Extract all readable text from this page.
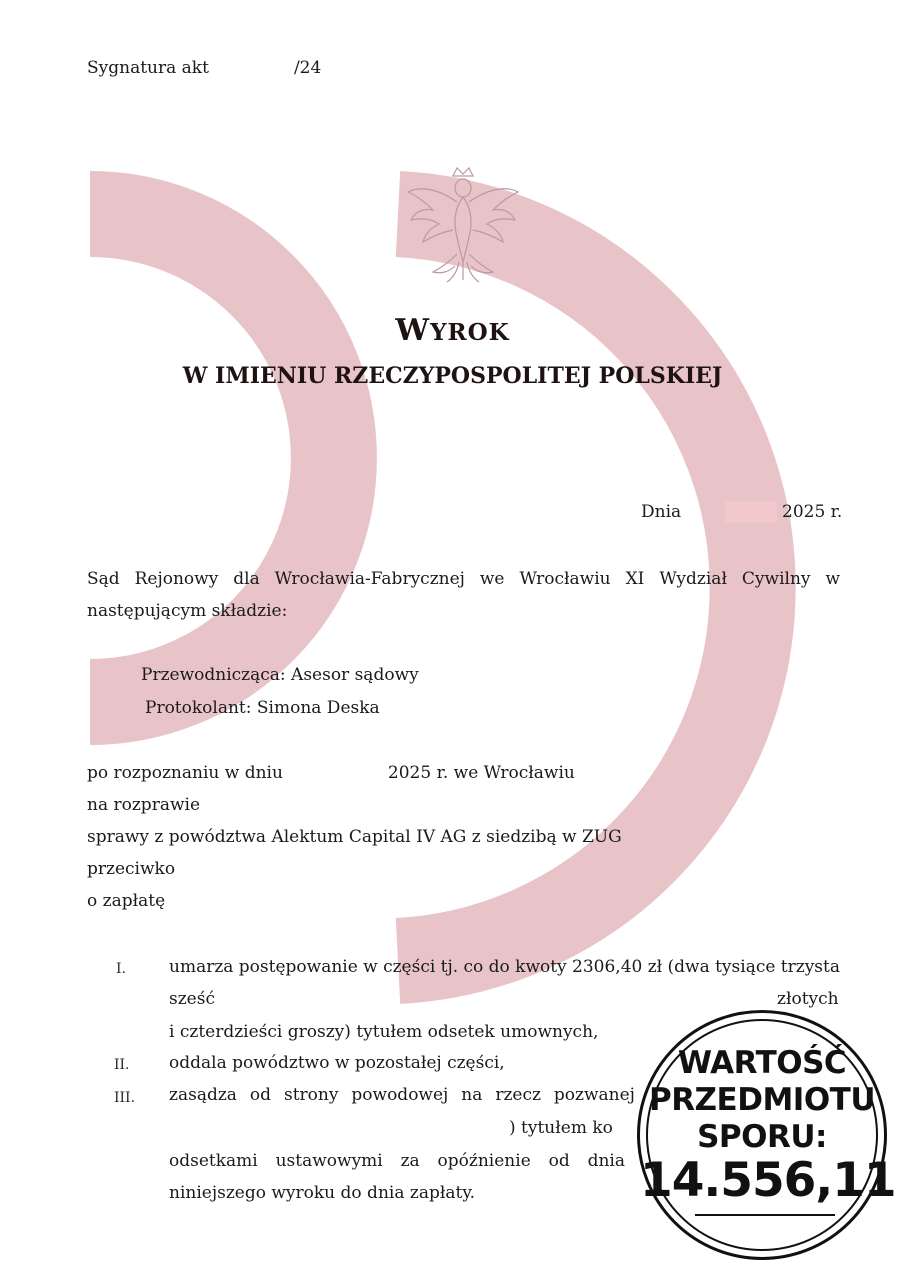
Sygnatura akt	/24
WYROK
W IMIENIU RZECZYPOSPOLITEJ POLSKIEJ
Dnia	2025 r.
Sąd Rejonowy dla Wrocławia-Fabrycznej we Wrocławiu XI Wydział Cywilny w
następującym składzie:
Przewodnicząca: Asesor sądowy
Protokolant: Simona Deska
po rozpoznaniu w dniu	2025 r. we Wrocławiu
na rozprawie
sprawy z powództwa Alektum Capital IV AG z siedzibą w ZUG
przeciwko
o zapłatę
I.	umarza postępowanie w części tj. co do kwoty 2306,40 zł (dwa tysiące trzysta
sześć	złotych
i czterdzieści groszy) tytułem odsetek umownych,
II. oddala powództwo w pozostałej części,
III. zasądza od strony powodowej na rzecz pozwanej
) tytułem ko
odsetkami ustawowymi za opóźnienie od dnia
niniejszego wyroku do dnia zapłaty.
WARTOŚĆ
PRZEDMIOTU
SPORU:
14.556,11
